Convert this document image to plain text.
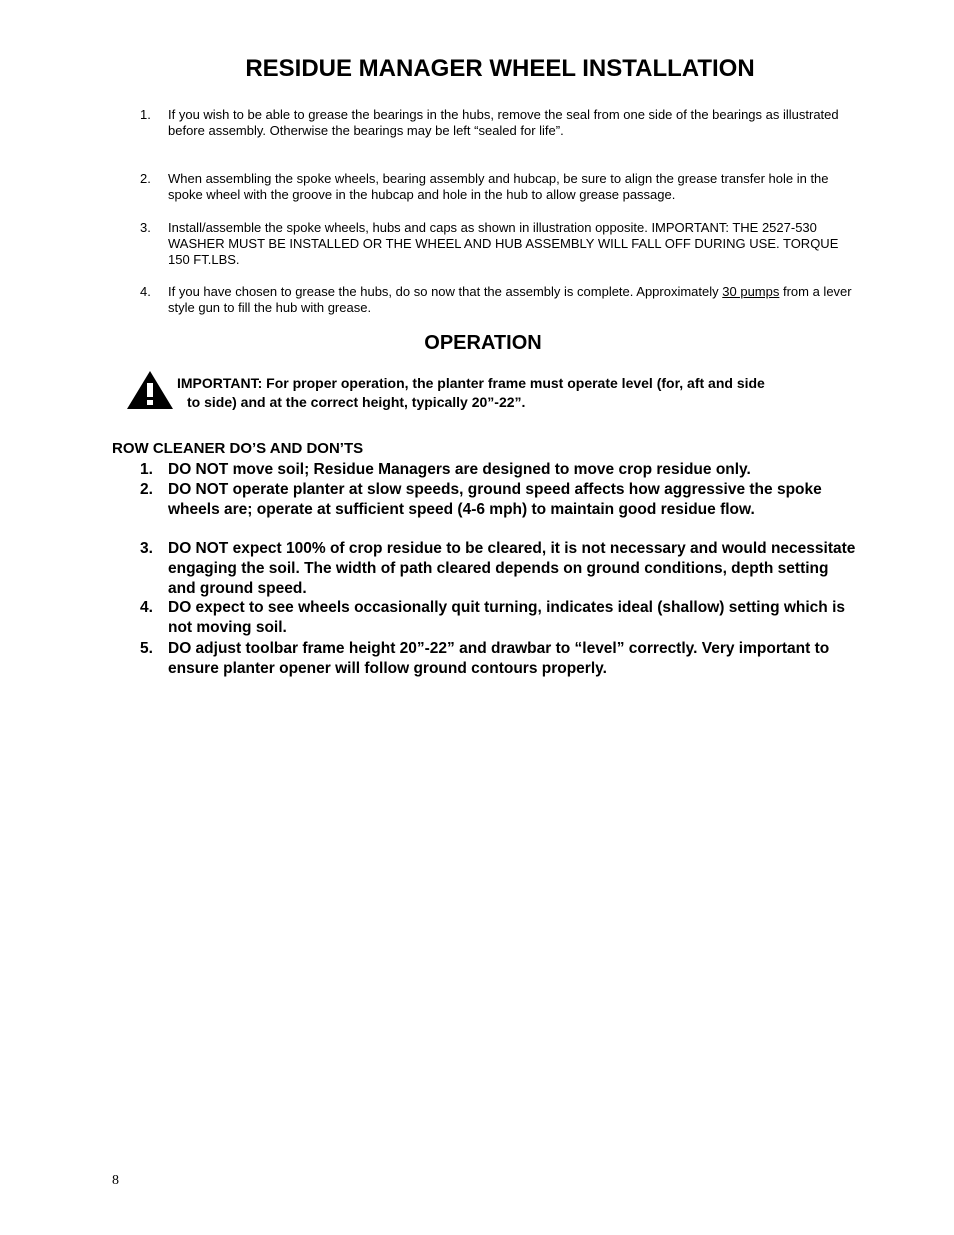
RESIDUE MANAGER WHEEL INSTALLATION
1. If you wish to be able to grease the bearings in the hubs, remove the seal from one side of the bearings as illustrated before assembly. Otherwise the bearings may be left “sealed for life”.
2. When assembling the spoke wheels, bearing assembly and hubcap, be sure to align the grease transfer hole in the spoke wheel with the groove in the hubcap and hole in the hub to allow grease passage.
3. Install/assemble the spoke wheels, hubs and caps as shown in illustration opposite. IMPORTANT: THE 2527-530 WASHER MUST BE INSTALLED OR THE WHEEL AND HUB ASSEMBLY WILL FALL OFF DURING USE. TORQUE 150 FT.LBS.
4. If you have chosen to grease the hubs, do so now that the assembly is complete. Approximately 30 pumps from a lever style gun to fill the hub with grease.
OPERATION
IMPORTANT: For proper operation, the planter frame must operate level (for, aft and side
to side) and at the correct height, typically 20”-22”.
ROW CLEANER DO’S AND DON’TS
1. DO NOT move soil; Residue Managers are designed to move crop residue only.
2. DO NOT operate planter at slow speeds, ground speed affects how aggressive the spoke wheels are; operate at sufficient speed (4-6 mph) to maintain good residue flow.
3. DO NOT expect 100% of crop residue to be cleared, it is not necessary and would necessitate engaging the soil. The width of path cleared depends on ground conditions, depth setting and ground speed.
4. DO expect to see wheels occasionally quit turning, indicates ideal (shallow) setting which is not moving soil.
5. DO adjust toolbar frame height 20”-22” and drawbar to “level” correctly. Very important to ensure planter opener will follow ground contours properly.
8
